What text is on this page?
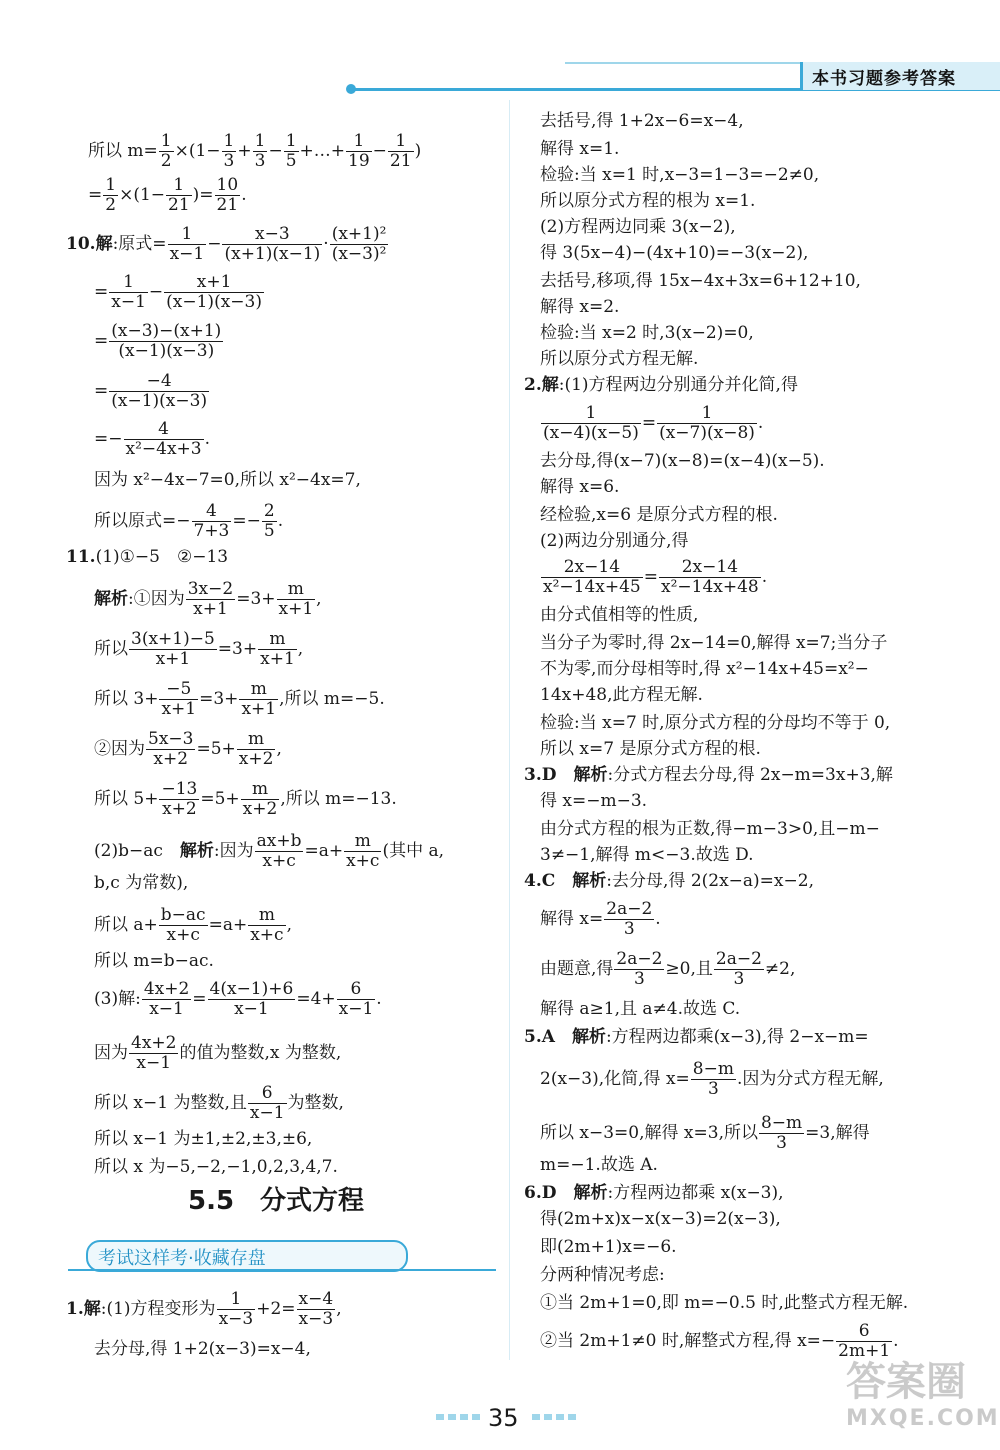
本书习题参考答案
所以 $m= \frac{1}{2} \times(1- \frac{1}{3} + \frac{1}{3} - \frac{1}{5}$ +…+ $\frac{1}{19} - \frac{1}{21}$ )
= $\frac{1}{2} \times(1- \frac{1}{21}$ )= $\frac{10}{21}$ .
10.解:原式= $\frac{1}{x-1} - \frac{x-3}{(x+1)(x-1)} \cdot \frac{\text{(x+1)²}}{\text{(x−3)²}}$
= $\frac{1}{x-1} - \frac{x+1}{(x-1)(x-3)}$
= $\frac{(x-3)-(x+1)}{(x-1)(x-3)}$
= $\frac{-4}{(x-1)(x-3)}$
=− $\frac{4}{\text{x²−4x+3}}$ .
因为 x²−4x−7=0,所以 x²−4x=7,
所以原式=− $\frac{4}{7+3} =- \frac{2}{5}$ .
11.(1)①−5　②−13
解析:①因为 $\frac{3x-2}{x+1} =3+ \frac{m}{x+1}$ ,
所以 $\frac{3(x+1)-5}{x+1} =3+ \frac{m}{x+1}$ ,
所以 $3+ \frac{-5}{x+1} =3+ \frac{m}{x+1}$ ,所以 m=−5.
②因为 $\frac{5x-3}{x+2} =5+ \frac{m}{x+2}$ ,
所以 $5+ \frac{-13}{x+2} =5+ \frac{m}{x+2}$ ,所以 m=−13.
(2)b−ac　解析:因为 $\frac{ax+b}{x+c} =a+ \frac{m}{x+c}$ (其中 a,
b,c 为常数),
所以 $a+ \frac{b-ac}{x+c} =a+ \frac{m}{x+c}$ ,
所以 m=b−ac.
(3)解: $\frac{4x+2}{x-1} = \frac{4(x-1)+6}{x-1} =4+ \frac{6}{x-1}$ .
因为 $\frac{4x+2}{x-1}$ 的值为整数,x 为整数,
所以 x−1 为整数,且 $\frac{6}{x-1}$ 为整数,
所以 x−1 为±1,±2,±3,±6,
所以 x 为−5,−2,−1,0,2,3,4,7.
5.5　分式方程
考试这样考·收藏存盘
1.解:(1)方程变形为 $\frac{1}{x-3} +2= \frac{x-4}{x-3}$ ,
去分母,得 1+2(x−3)=x−4,
去括号,得 1+2x−6=x−4,
解得 x=1.
检验:当 x=1 时,x−3=1−3=−2≠0,
所以原分式方程的根为 x=1.
(2)方程两边同乘 3(x−2),
得 3(5x−4)−(4x+10)=−3(x−2),
去括号,移项,得 15x−4x+3x=6+12+10,
解得 x=2.
检验:当 x=2 时,3(x−2)=0,
所以原分式方程无解.
2.解:(1)方程两边分别通分并化简,得
$\frac{1}{(x-4)(x-5)} = \frac{1}{(x-7)(x-8)}$ .
去分母,得(x−7)(x−8)=(x−4)(x−5).
解得 x=6.
经检验,x=6 是原分式方程的根.
(2)两边分别通分,得
$\frac{2x-14}{\text{x²−14x+45}} = \frac{2x-14}{\text{x²−14x+48}}$ .
由分式值相等的性质,
当分子为零时,得 2x−14=0,解得 x=7;当分子
不为零,而分母相等时,得 x²−14x+45=x²−
14x+48,此方程无解.
检验:当 x=7 时,原分式方程的分母均不等于 0,
所以 x=7 是原分式方程的根.
3.D　 解析:分式方程去分母,得 2x−m=3x+3,解
得 x=−m−3.
由分式方程的根为正数,得−m−3>0,且−m−
3≠−1,解得 m<−3.故选 D.
4.C　 解析:去分母,得 2(2x−a)=x−2,
解得 $x= \frac{2a-2}{3}$ .
由题意,得 $\frac{2a-2}{3} \ge 0$,且 $\frac{2a-2}{3} \ne 2$,
解得 a≥1,且 a≠4.故选 C.
5.A　 解析:方程两边都乘(x−3),得 2−x−m=
2(x−3),化简,得 $x= \frac{8-m}{3}$ .因为分式方程无解,
所以 x−3=0,解得 x=3,所以 $\frac{8-m}{3} =3$,解得
m=−1.故选 A.
6.D　 解析:方程两边都乘 x(x−3),
得(2m+x)x−x(x−3)=2(x−3),
即(2m+1)x=−6.
分两种情况考虑:
①当 2m+1=0,即 m=−0.5 时,此整式方程无解.
②当 2m+1≠0 时,解整式方程,得 $x=- \frac{6}{2m+1}$ .
35
答案圈
MXQE.COM
